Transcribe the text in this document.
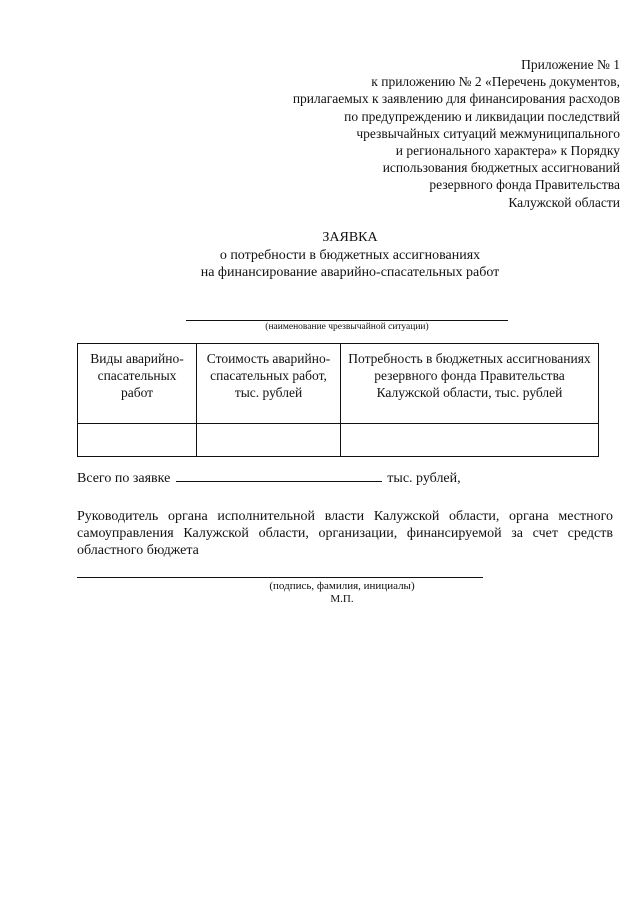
Приложение № 1
к приложению № 2 «Перечень документов,
прилагаемых к заявлению для финансирования расходов
по предупреждению и ликвидации последствий
чрезвычайных ситуаций межмуниципального
и регионального характера» к Порядку
использования бюджетных ассигнований
резервного фонда Правительства
Калужской области
ЗАЯВКА
о потребности в бюджетных ассигнованиях
на финансирование аварийно-спасательных работ
(наименование чрезвычайной ситуации)
Виды аварийно-спасательных работ	Стоимость аварийно-спасательных работ, тыс. рублей	Потребность в бюджетных ассигнованиях резервного фонда Правительства Калужской области, тыс. рублей

Всего по заявке	тыс. рублей,
Руководитель органа исполнительной власти Калужской области, органа местного самоуправления Калужской области, организации, финансируемой за счет средств областного бюджета
(подпись, фамилия, инициалы)
М.П.
